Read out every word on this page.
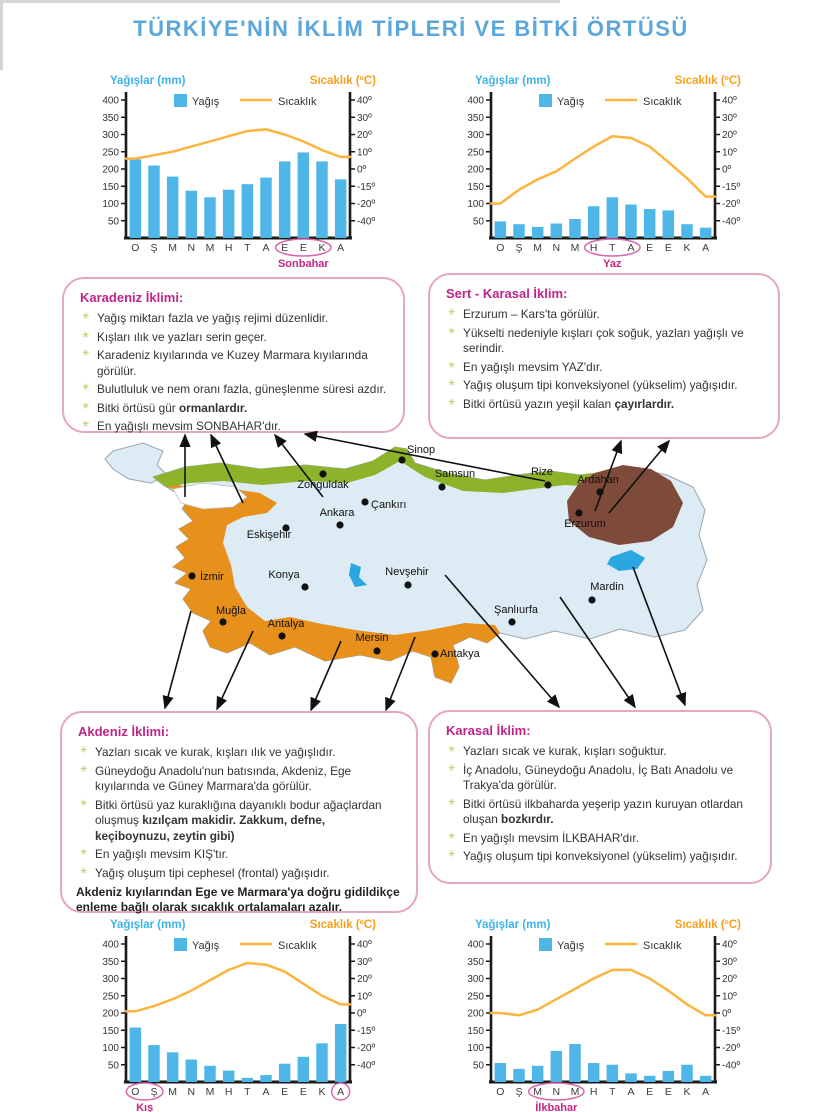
TÜRKİYE'NİN İKLİM TİPLERİ VE BİTKİ ÖRTÜSÜ
Yağışlar (mm)	Sıcaklık (ºC)
400
350
300
250
200
150
100
50
40º
30º
20º
10º
0º
-15º
-20º
-40º
Yağış	Sıcaklık
O Ş M N M H T A E E K A
Sonbahar
Yağışlar (mm)	Sıcaklık (ºC)
400
350
300
250
200
150
100
50
40º
30º
20º
10º
0º
-15º
-20º
-40º
Yağış	Sıcaklık
O Ş M N M H T A E E K A
Yaz
Yağışlar (mm)	Sıcaklık (ºC)
400
350
300
250
200
150
100
50
40º
30º
20º
10º
0º
-15º
-20º
-40º
Yağış	Sıcaklık
O Ş M N M H T A E E K A
Kış
Yağışlar (mm)	Sıcaklık (ºC)
400
350
300
250
200
150
100
50
40º
30º
20º
10º
0º
-15º
-20º
-40º
Yağış	Sıcaklık
O Ş M N M H T A E E K A
İlkbahar
Karadeniz İklimi:
✳ Yağış miktarı fazla ve yağış rejimi düzenlidir.
✳ Kışları ılık ve yazları serin geçer.
✳ Karadeniz kıyılarında ve Kuzey Marmara kıyılarında görülür.
✳ Bulutluluk ve nem oranı fazla, güneşlenme süresi azdır.
✳ Bitki örtüsü gür ormanlardır.
✳ En yağışlı mevsim SONBAHAR'dır.
Sert - Karasal İklim:
✳ Erzurum – Kars'ta görülür.
✳ Yükselti nedeniyle kışları çok soğuk, yazları yağışlı ve serindir.
✳ En yağışlı mevsim YAZ'dır.
✳ Yağış oluşum tipi konveksiyonel (yükselim) yağışıdır.
✳ Bitki örtüsü yazın yeşil kalan çayırlardır.
Zonguldak
Sinop
Samsun	Rize
Ardahan
Erzurum
Çankırı
Ankara
Eskişehir
İzmir	Konya	Nevşehir
Muğla
Antalya
Mersin
Antakya
Şanlıurfa
Mardin
Akdeniz İklimi:
✳ Yazları sıcak ve kurak, kışları ılık ve yağışlıdır.
✳ Güneydoğu Anadolu'nun batısında, Akdeniz, Ege kıyılarında ve Güney Marmara'da görülür.
✳ Bitki örtüsü yaz kuraklığına dayanıklı bodur ağaçlardan oluşmuş kızılçam makidir. Zakkum, defne, keçiboynuzu, zeytin gibi)
✳ En yağışlı mevsim KIŞ'tır.
✳ Yağış oluşum tipi cephesel (frontal) yağışıdır.

Akdeniz kıyılarından Ege ve Marmara'ya doğru gidildikçe enleme bağlı olarak sıcaklık ortalamaları azalır.

Karasal İklim:
✳ Yazları sıcak ve kurak, kışları soğuktur.
✳ İç Anadolu, Güneydoğu Anadolu, İç Batı Anadolu ve Trakya'da görülür.
✳ Bitki örtüsü ilkbaharda yeşerip yazın kuruyan otlardan oluşan bozkırdır.
✳ En yağışlı mevsim İLKBAHAR'dır.
✳ Yağış oluşum tipi konveksiyonel (yükselim) yağışıdır.
